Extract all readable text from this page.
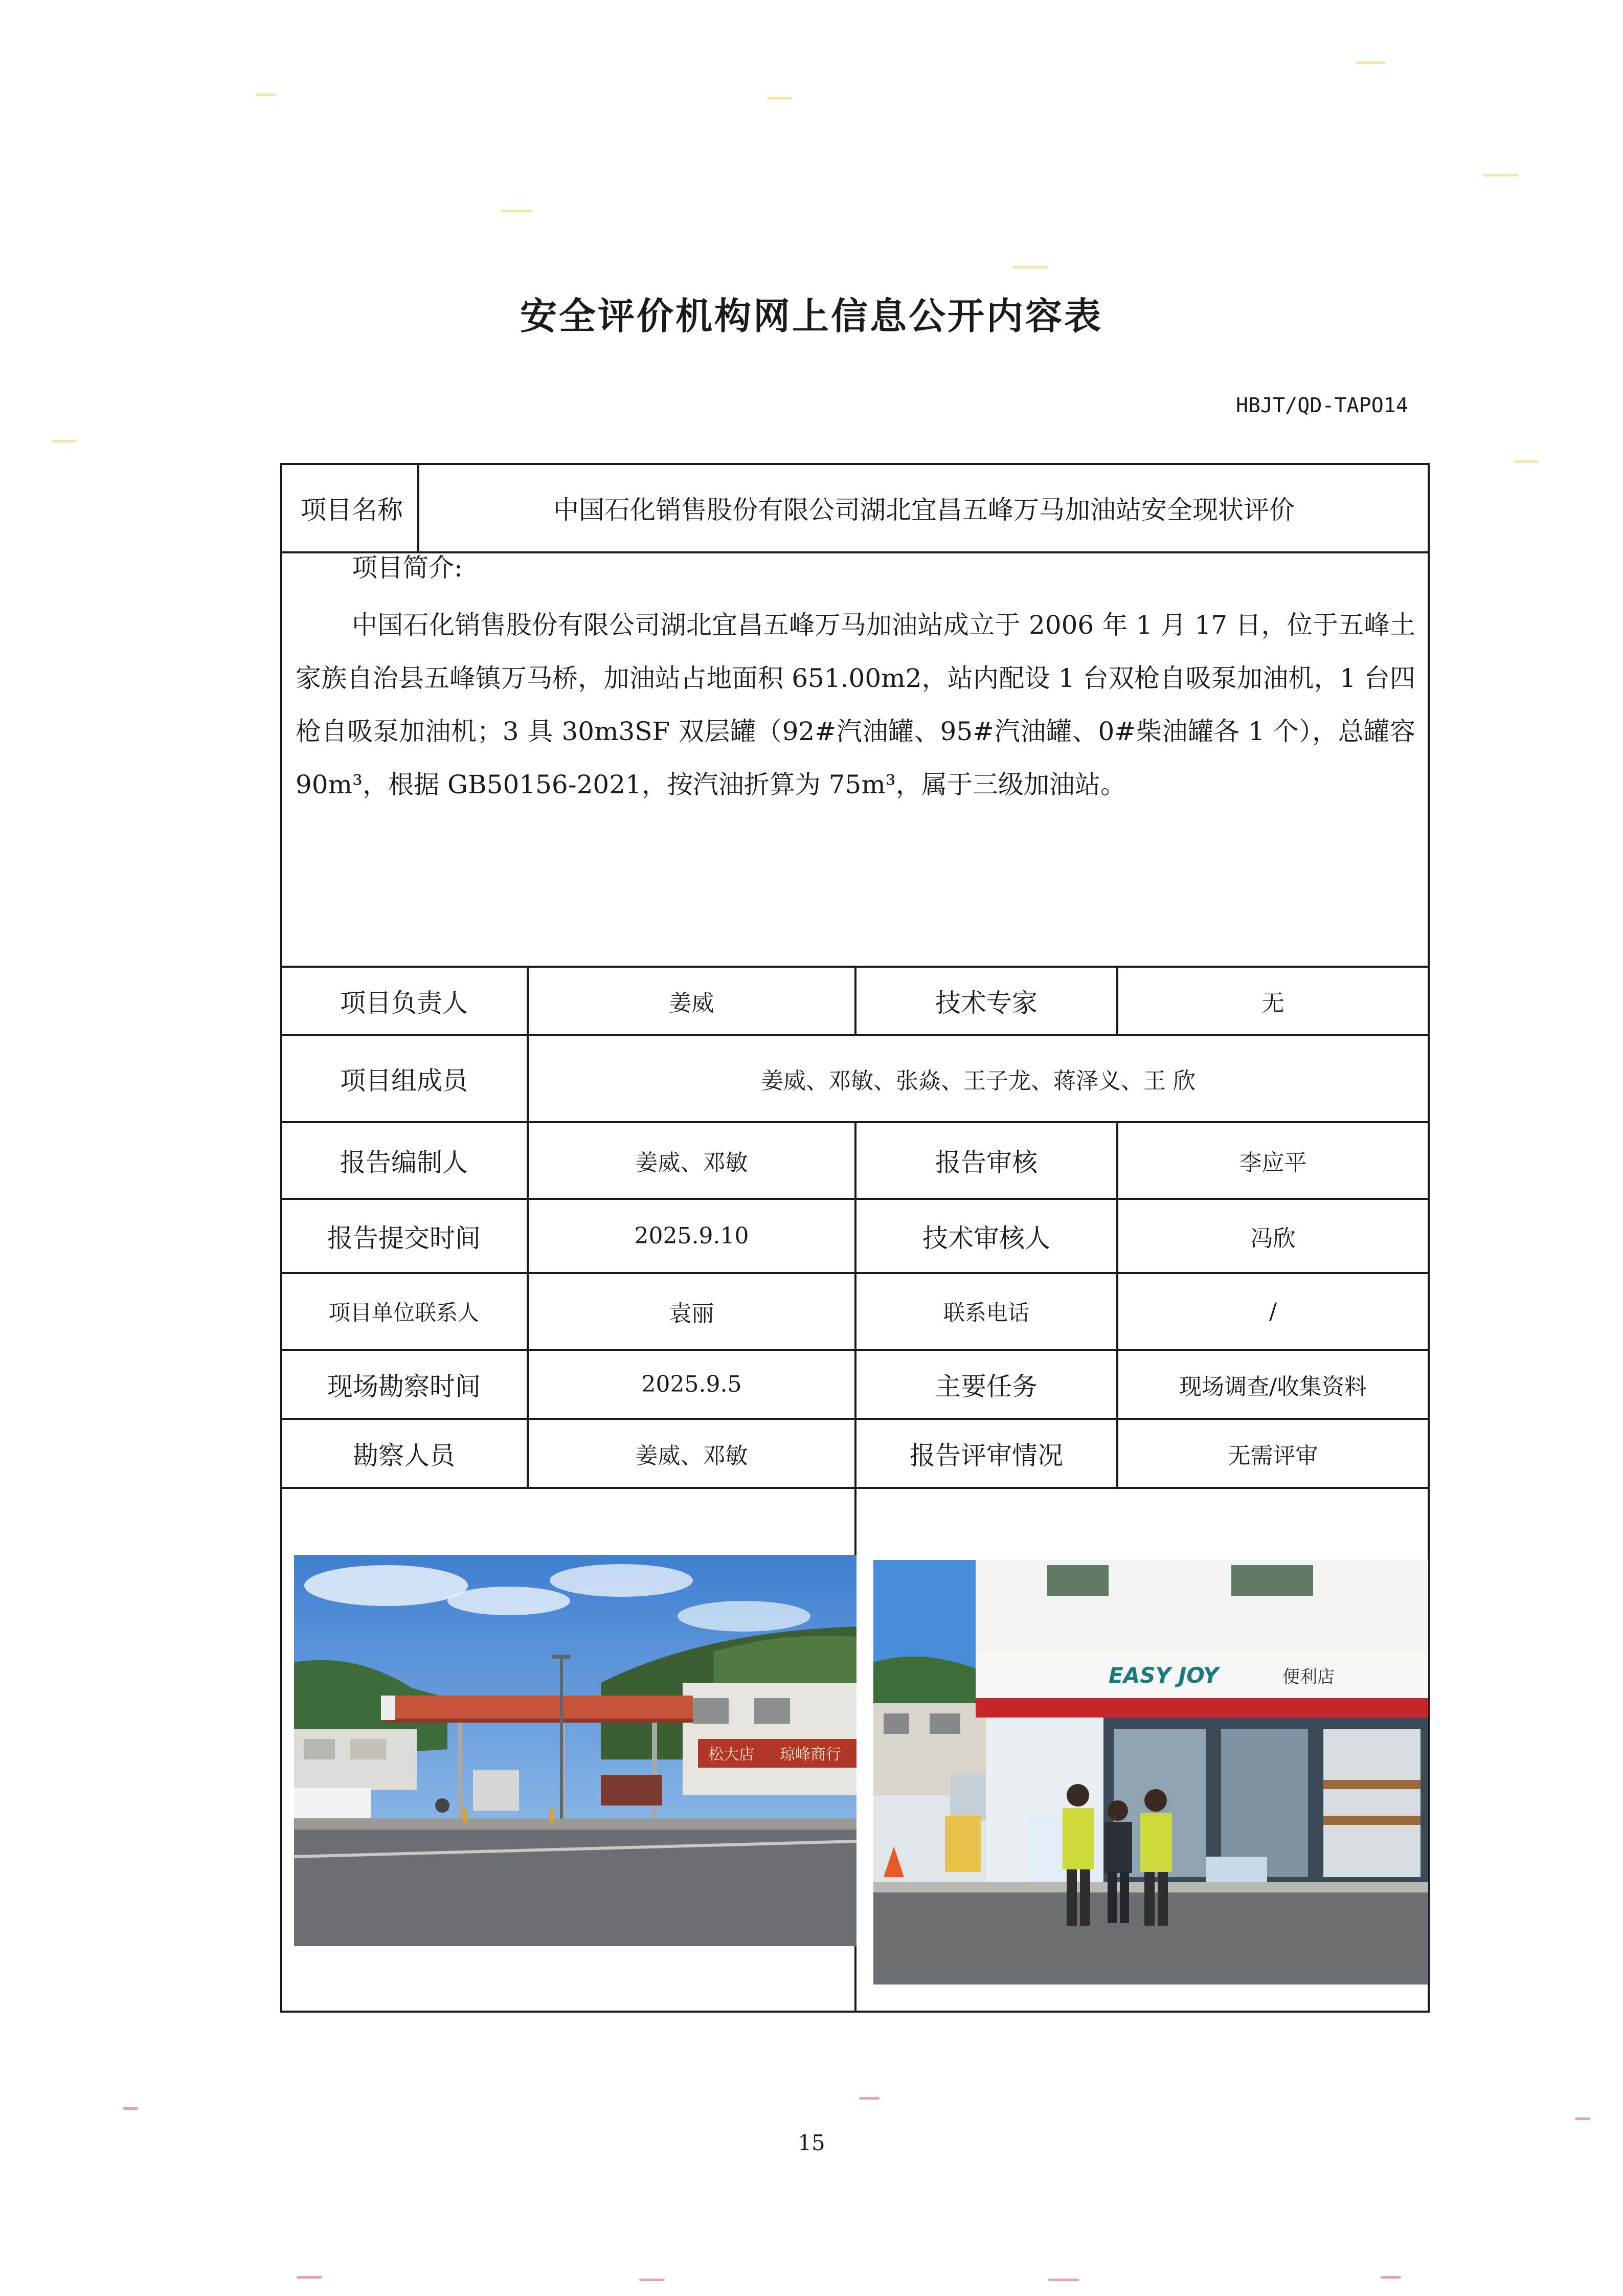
安全评价机构网上信息公开内容表
HBJT/QD-TAPO14
项目名称	中国石化销售股份有限公司湖北宜昌五峰万马加油站安全现状评价
项目简介:
中国石化销售股份有限公司湖北宜昌五峰万马加油站成立于 2006 年 1 月 17 日，位于五峰土家族自治县五峰镇万马桥，加油站占地面积 651.00m2，站内配设 1 台双枪自吸泵加油机，1 台四枪自吸泵加油机；3 具 30m3SF 双层罐（92#汽油罐、95#汽油罐、0#柴油罐各 1 个），总罐容 90m³，根据 GB50156-2021，按汽油折算为 75m³，属于三级加油站。
项目负责人	姜威	技术专家	无
项目组成员	姜威、邓敏、张焱、王子龙、蒋泽义、王 欣
报告编制人	姜威、邓敏	报告审核	李应平
报告提交时间	2025.9.10	技术审核人	冯欣
项目单位联系人	袁丽	联系电话	/
现场勘察时间	2025.9.5	主要任务	现场调查/收集资料
勘察人员	姜威、邓敏	报告评审情况	无需评审
松大店 琼峰商行
EASY JOY	便利店
15
